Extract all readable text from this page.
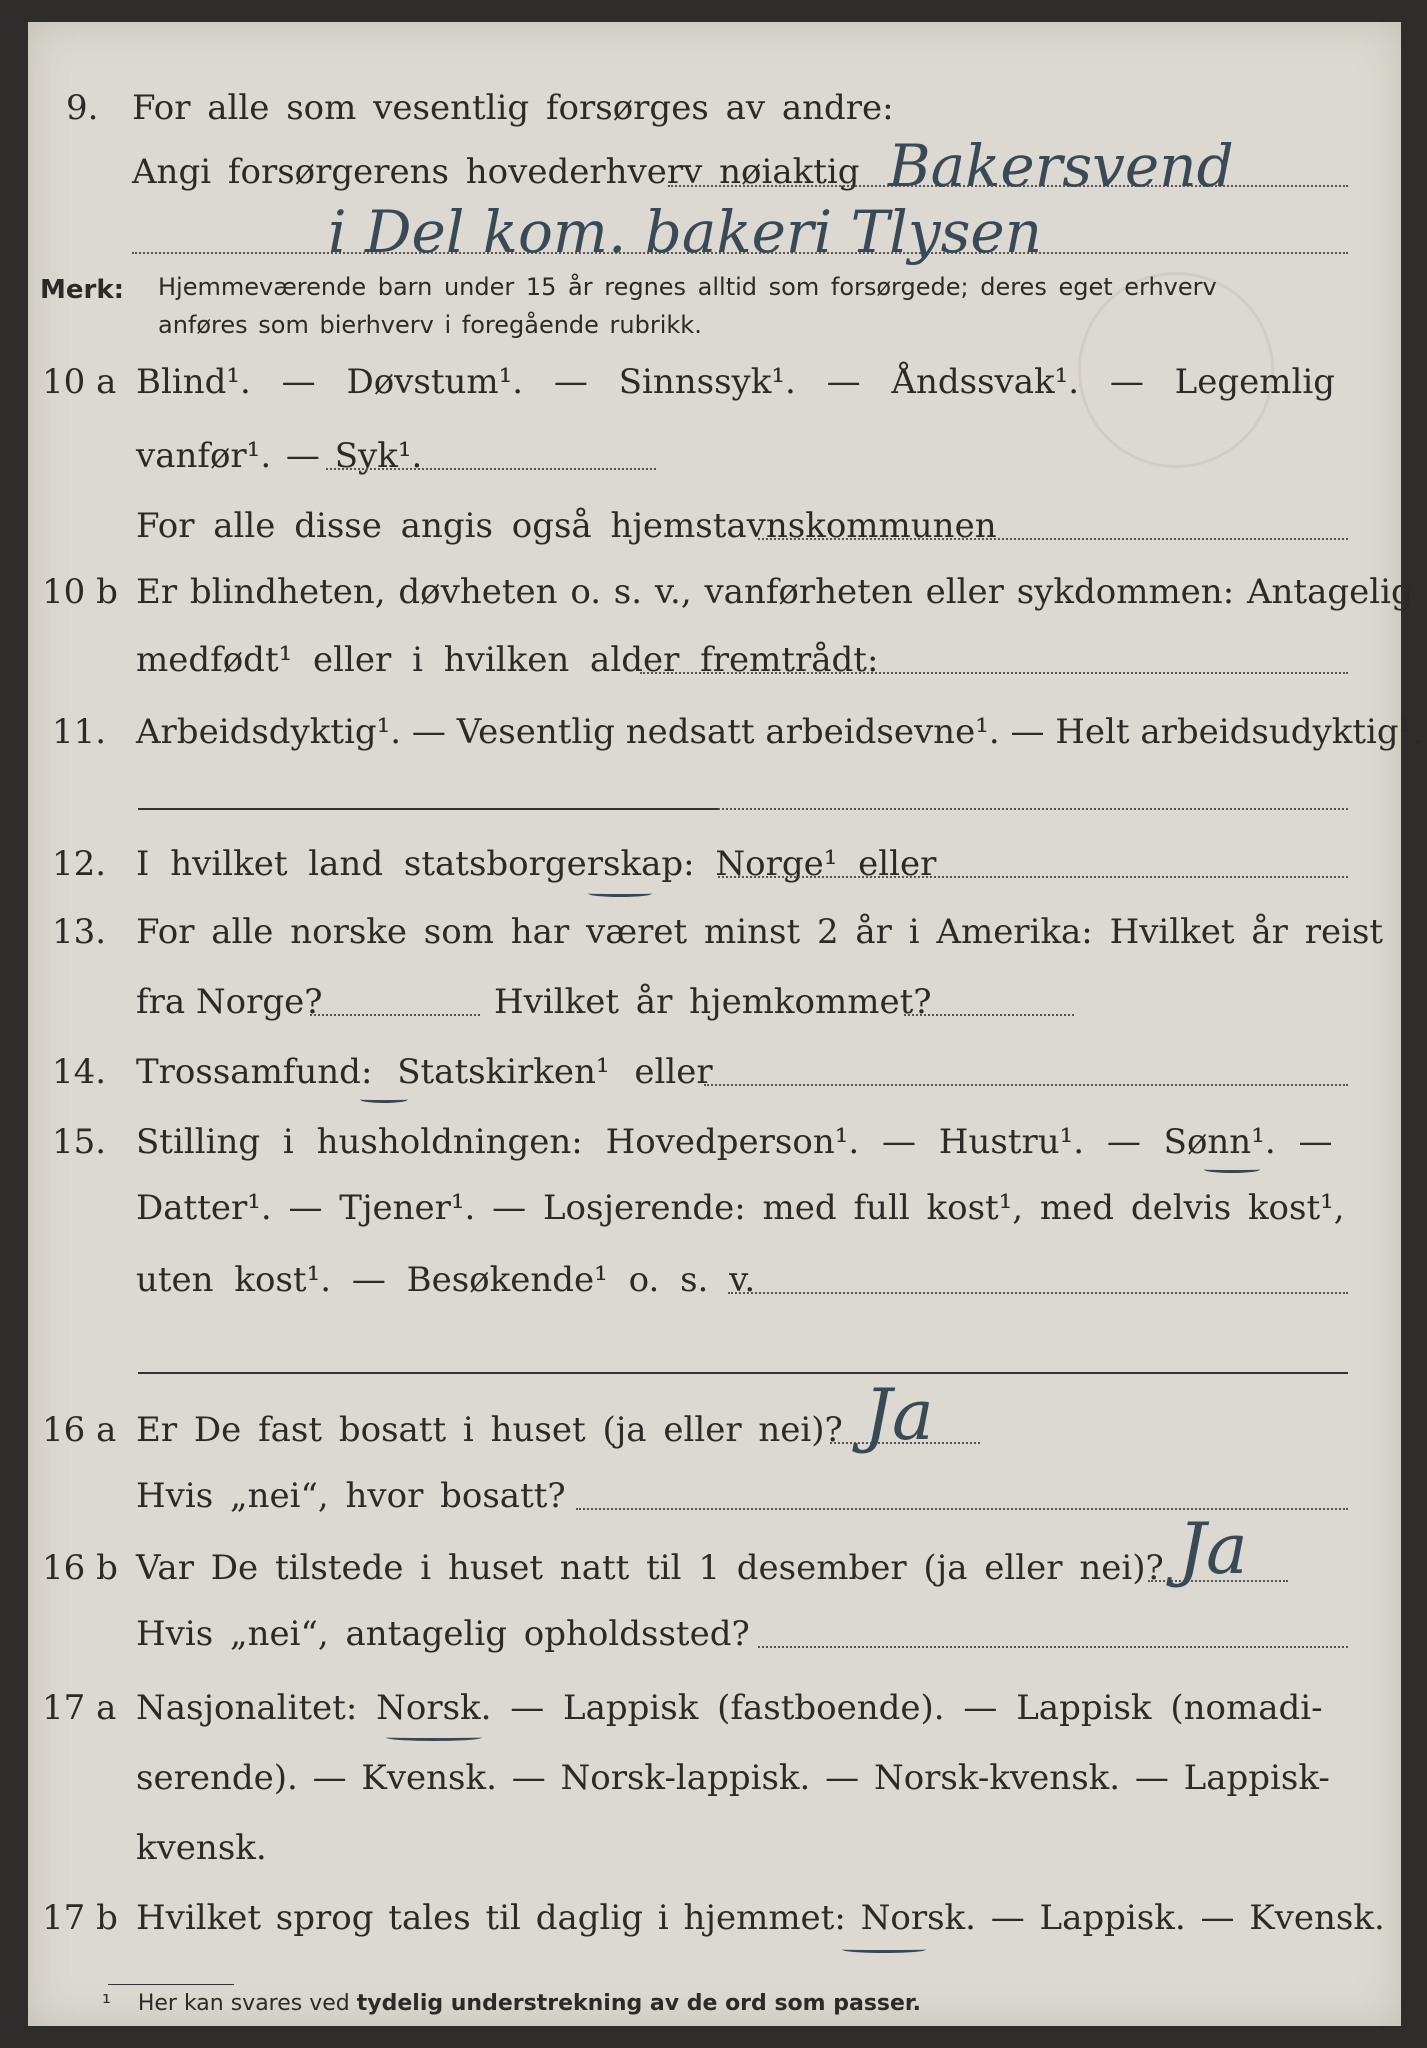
9. For alle som vesentlig forsørges av andre:
Angi forsørgerens hovederhverv nøiaktig Bakersvend
i Del kom. bakeri Tlysen
Merk: Hjemmeværende barn under 15 år regnes alltid som forsørgede; deres eget erhverv
anføres som bierhverv i foregående rubrikk.
10 a Blind¹. — Døvstum¹. — Sinnssyk¹. — Åndssvak¹. — Legemlig
vanfør¹. — Syk¹.
For alle disse angis også hjemstavnskommunen
10 b Er blindheten, døvheten o. s. v., vanførheten eller sykdommen: Antagelig
medfødt¹ eller i hvilken alder fremtrådt:
11. Arbeidsdyktig¹. — Vesentlig nedsatt arbeidsevne¹. — Helt arbeidsudyktig¹.
12. I hvilket land statsborgerskap: Norge¹ eller
13. For alle norske som har været minst 2 år i Amerika: Hvilket år reist
fra Norge?	Hvilket år hjemkommet?
14. Trossamfund: Statskirken¹ eller
15. Stilling i husholdningen: Hovedperson¹. — Hustru¹. — Sønn¹. —
Datter¹. — Tjener¹. — Losjerende: med full kost¹, med delvis kost¹,
uten kost¹. — Besøkende¹ o. s. v.
16 a Er De fast bosatt i huset (ja eller nei)? Ja
Hvis „nei“, hvor bosatt?
16 b Var De tilstede i huset natt til 1 desember (ja eller nei)? Ja
Hvis „nei“, antagelig opholdssted?
17 a Nasjonalitet: Norsk. — Lappisk (fastboende). — Lappisk (nomadi-
serende). — Kvensk. — Norsk-lappisk. — Norsk-kvensk. — Lappisk-
kvensk.
17 b Hvilket sprog tales til daglig i hjemmet: Norsk. — Lappisk. — Kvensk.
¹ Her kan svares ved tydelig understrekning av de ord som passer.
